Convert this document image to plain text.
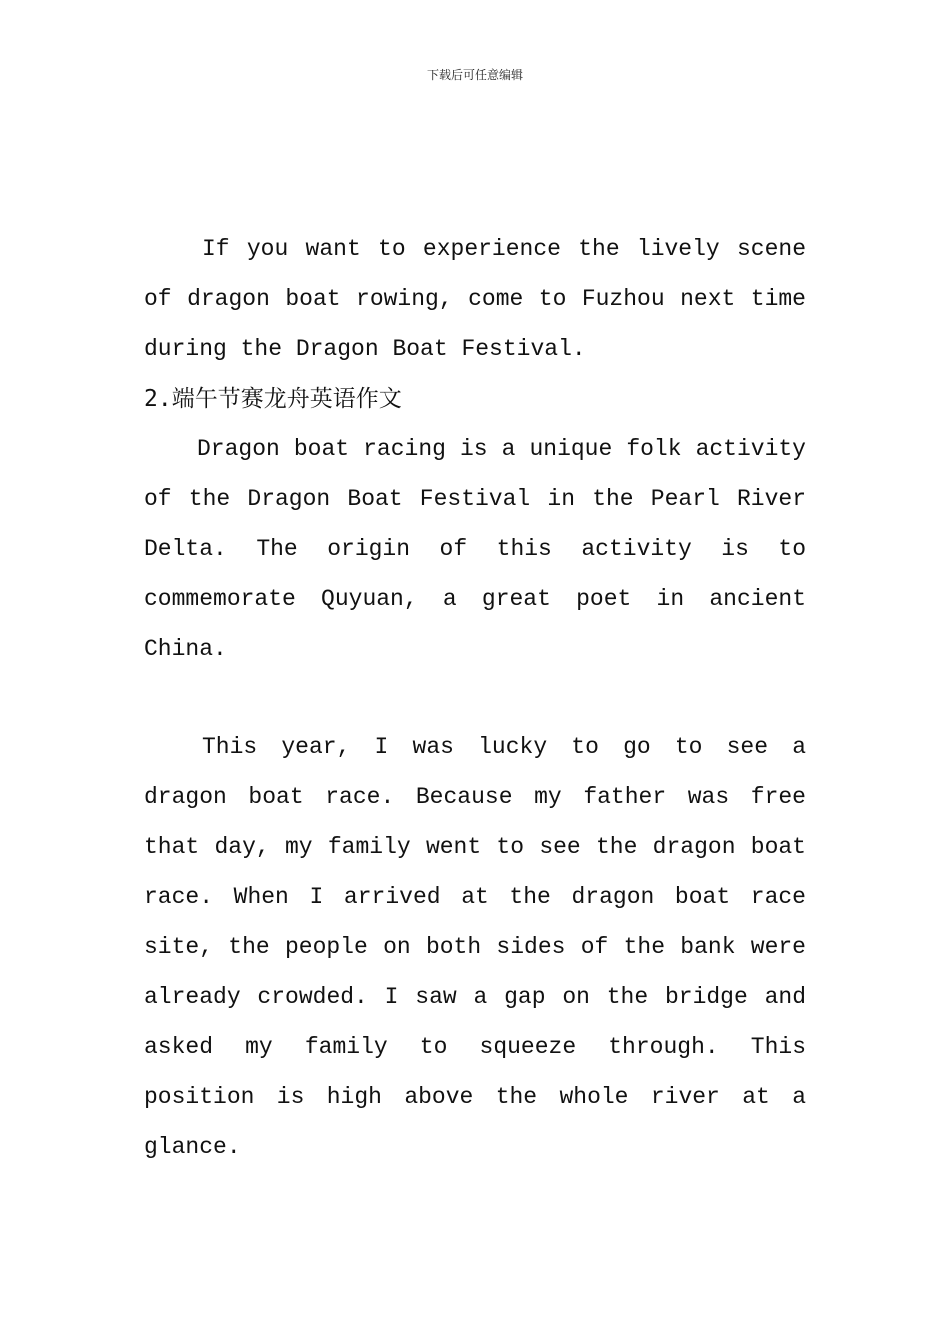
下载后可任意编辑

If you want to experience the lively scene of dragon boat rowing, come to Fuzhou next time during the Dragon Boat Festival.

2.端午节赛龙舟英语作文

Dragon boat racing is a unique folk activity of the Dragon Boat Festival in the Pearl River Delta. The origin of this activity is to commemorate Quyuan, a great poet in ancient China.

This year, I was lucky to go to see a dragon boat race. Because my father was free that day, my family went to see the dragon boat race. When I arrived at the dragon boat race site, the people on both sides of the bank were already crowded. I saw a gap on the bridge and asked my family to squeeze through. This position is high above the whole river at a glance.
